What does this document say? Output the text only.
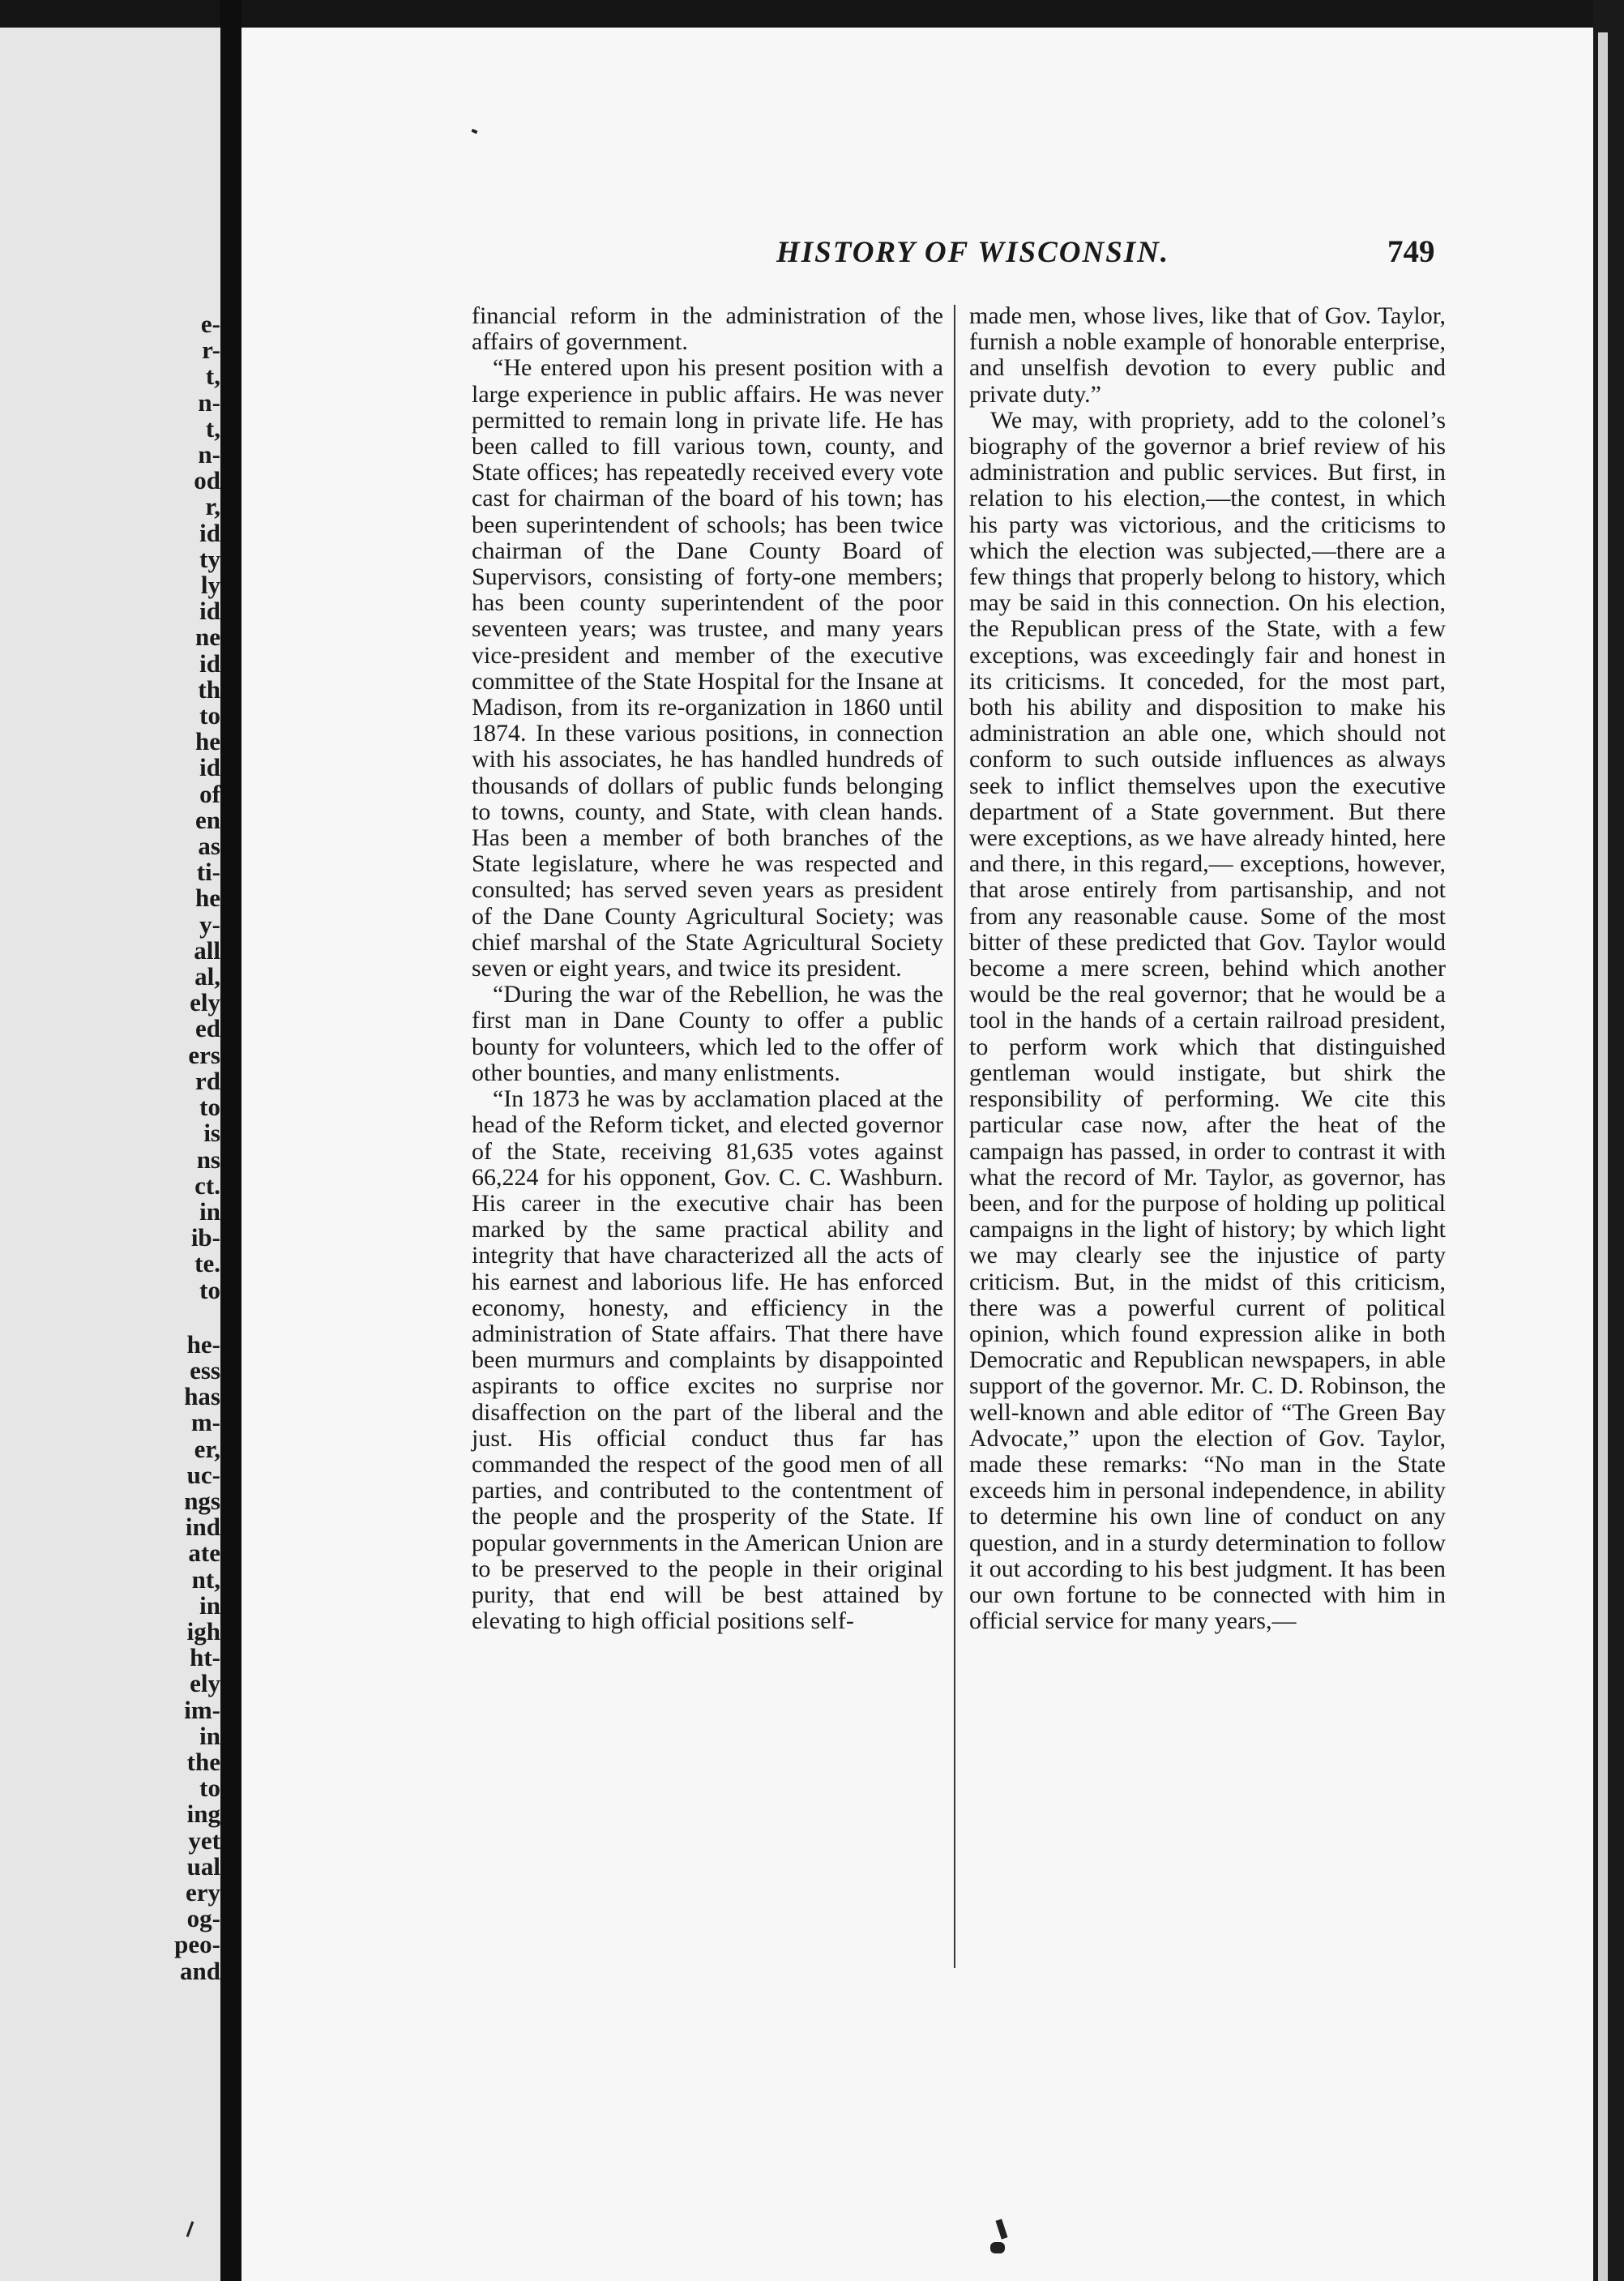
e-
r-
t,
n-
t,
n-
od
r,
id
ty
ly
id
ne
id
th
to
he
id
of
en
as
ti-
he
y-
all
al,
ely
ed
ers
rd
to
is
ns
ct.
in
ib-
te.
to
he-
ess
has
m-
er,
uc-
ngs
ind
ate
nt,
in
igh
ht-
ely
im-
in
the
to
ing
yet
ual
ery
og-
peo-
and
HISTORY OF WISCONSIN.	749

financial reform in the administration of the affairs of government.

“He entered upon his present position with a large experience in public affairs. He was never permitted to remain long in private life. He has been called to fill various town, county, and State offices; has repeatedly received every vote cast for chairman of the board of his town; has been superintendent of schools; has been twice chairman of the Dane County Board of Supervisors, consisting of forty-one members; has been county superintendent of the poor seventeen years; was trustee, and many years vice-president and member of the executive committee of the State Hospital for the Insane at Madison, from its re-organization in 1860 until 1874. In these various positions, in connection with his associates, he has handled hundreds of thousands of dollars of public funds belonging to towns, county, and State, with clean hands. Has been a member of both branches of the State legislature, where he was respected and consulted; has served seven years as president of the Dane County Agricultural Society; was chief marshal of the State Agricultural Society seven or eight years, and twice its president.

“During the war of the Rebellion, he was the first man in Dane County to offer a public bounty for volunteers, which led to the offer of other bounties, and many enlistments.

“In 1873 he was by acclamation placed at the head of the Reform ticket, and elected governor of the State, receiving 81,635 votes against 66,224 for his opponent, Gov. C. C. Washburn. His career in the executive chair has been marked by the same practical ability and integrity that have characterized all the acts of his earnest and laborious life. He has enforced economy, honesty, and efficiency in the administration of State affairs. That there have been murmurs and complaints by disappointed aspirants to office excites no surprise nor disaffection on the part of the liberal and the just. His official conduct thus far has commanded the respect of the good men of all parties, and contributed to the contentment of the people and the prosperity of the State. If popular governments in the American Union are to be preserved to the people in their original purity, that end will be best attained by elevating to high official positions self-

made men, whose lives, like that of Gov. Taylor, furnish a noble example of honorable enterprise, and unselfish devotion to every public and private duty.”

We may, with propriety, add to the colonel’s biography of the governor a brief review of his administration and public services. But first, in relation to his election,—the contest, in which his party was victorious, and the criticisms to which the election was subjected,—there are a few things that properly belong to history, which may be said in this connection. On his election, the Republican press of the State, with a few exceptions, was exceedingly fair and honest in its criticisms. It conceded, for the most part, both his ability and disposition to make his administration an able one, which should not conform to such outside influences as always seek to inflict themselves upon the executive department of a State government. But there were exceptions, as we have already hinted, here and there, in this regard,— exceptions, however, that arose entirely from partisanship, and not from any reasonable cause. Some of the most bitter of these predicted that Gov. Taylor would become a mere screen, behind which another would be the real governor; that he would be a tool in the hands of a certain railroad president, to perform work which that distinguished gentleman would instigate, but shirk the responsibility of performing. We cite this particular case now, after the heat of the campaign has passed, in order to contrast it with what the record of Mr. Taylor, as governor, has been, and for the purpose of holding up political campaigns in the light of history; by which light we may clearly see the injustice of party criticism. But, in the midst of this criticism, there was a powerful current of political opinion, which found expression alike in both Democratic and Republican newspapers, in able support of the governor. Mr. C. D. Robinson, the well-known and able editor of “The Green Bay Advocate,” upon the election of Gov. Taylor, made these remarks: “No man in the State exceeds him in personal independence, in ability to determine his own line of conduct on any question, and in a sturdy determination to follow it out according to his best judgment. It has been our own fortune to be connected with him in official service for many years,—
